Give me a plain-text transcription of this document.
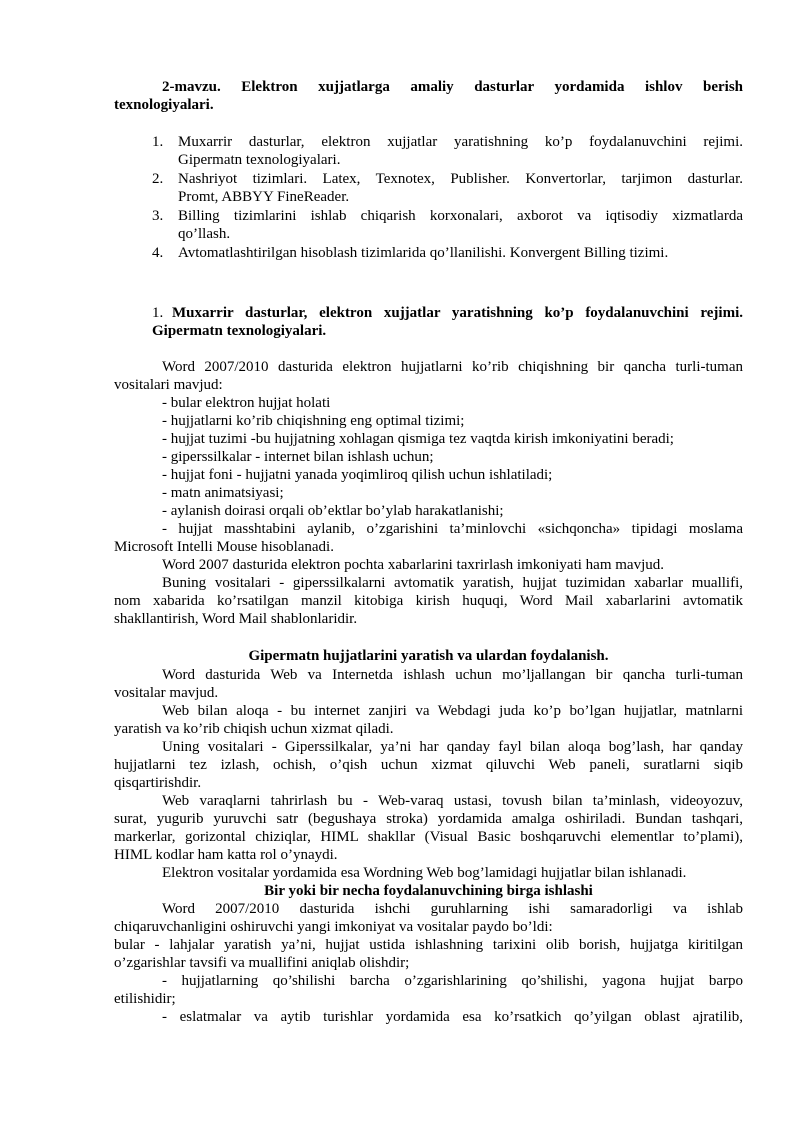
2-mavzu. Elektron xujjatlarga amaliy dasturlar yordamida ishlov berish
texnologiyalari.
1. Muxarrir dasturlar, elektron xujjatlar yaratishning ko’p foydalanuvchini rejimi.
Gipermatn texnologiyalari.
2. Nashriyot tizimlari. Latex, Texnotex, Publisher. Konvertorlar, tarjimon dasturlar.
Promt, ABBYY FineReader.
3. Billing tizimlarini ishlab chiqarish korxonalari, axborot va iqtisodiy xizmatlarda
qo’llash.
4. Avtomatlashtirilgan hisoblash tizimlarida qo’llanilishi. Konvergent Billing tizimi.
1. Muxarrir dasturlar, elektron xujjatlar yaratishning ko’p foydalanuvchini rejimi.
Gipermatn texnologiyalari.
Word 2007/2010 dasturida elektron hujjatlarni ko’rib chiqishning bir qancha turli-tuman
vositalari mavjud:
- bular elektron hujjat holati
- hujjatlarni ko’rib chiqishning eng optimal tizimi;
- hujjat tuzimi -bu hujjatning xohlagan qismiga tez vaqtda kirish imkoniyatini beradi;
- giperssilkalar - internet bilan ishlash uchun;
- hujjat foni - hujjatni yanada yoqimliroq qilish uchun ishlatiladi;
- matn animatsiyasi;
- aylanish doirasi orqali ob’ektlar bo’ylab harakatlanishi;
- hujjat masshtabini aylanib, o’zgarishini ta’minlovchi «sichqoncha» tipidagi moslama
Microsoft Intelli Mouse hisoblanadi.
Word 2007 dasturida elektron pochta xabarlarini taxrirlash imkoniyati ham mavjud.
Buning vositalari - giperssilkalarni avtomatik yaratish, hujjat tuzimidan xabarlar muallifi,
nom xabarida ko’rsatilgan manzil kitobiga kirish huquqi, Word Mail xabarlarini avtomatik
shakllantirish, Word Mail shablonlaridir.
Gipermatn hujjatlarini yaratish va ulardan foydalanish.
Word dasturida Web va Internetda ishlash uchun mo’ljallangan bir qancha turli-tuman
vositalar mavjud.
Web bilan aloqa - bu internet zanjiri va Webdagi juda ko’p bo’lgan hujjatlar, matnlarni
yaratish va ko’rib chiqish uchun xizmat qiladi.
Uning vositalari - Giperssilkalar, ya’ni har qanday fayl bilan aloqa bog’lash, har qanday
hujjatlarni tez izlash, ochish, o’qish uchun xizmat qiluvchi Web paneli, suratlarni siqib
qisqartirishdir.
Web varaqlarni tahrirlash bu - Web-varaq ustasi, tovush bilan ta’minlash, videoyozuv,
surat, yugurib yuruvchi satr (begushaya stroka) yordamida amalga oshiriladi. Bundan tashqari,
markerlar, gorizontal chiziqlar, HIML shakllar (Visual Basic boshqaruvchi elementlar to’plami),
HIML kodlar ham katta rol o’ynaydi.
Elektron vositalar yordamida esa Wordning Web bog’lamidagi hujjatlar bilan ishlanadi.
Bir yoki bir necha foydalanuvchining birga ishlashi
Word 2007/2010 dasturida ishchi guruhlarning ishi samaradorligi va ishlab
chiqaruvchanligini oshiruvchi yangi imkoniyat va vositalar paydo bo’ldi:
bular - lahjalar yaratish ya’ni, hujjat ustida ishlashning tarixini olib borish, hujjatga kiritilgan
o’zgarishlar tavsifi va muallifini aniqlab olishdir;
- hujjatlarning qo’shilishi barcha o’zgarishlarining qo’shilishi, yagona hujjat barpo
etilishidir;
- eslatmalar va aytib turishlar yordamida esa ko’rsatkich qo’yilgan oblast ajratilib,
